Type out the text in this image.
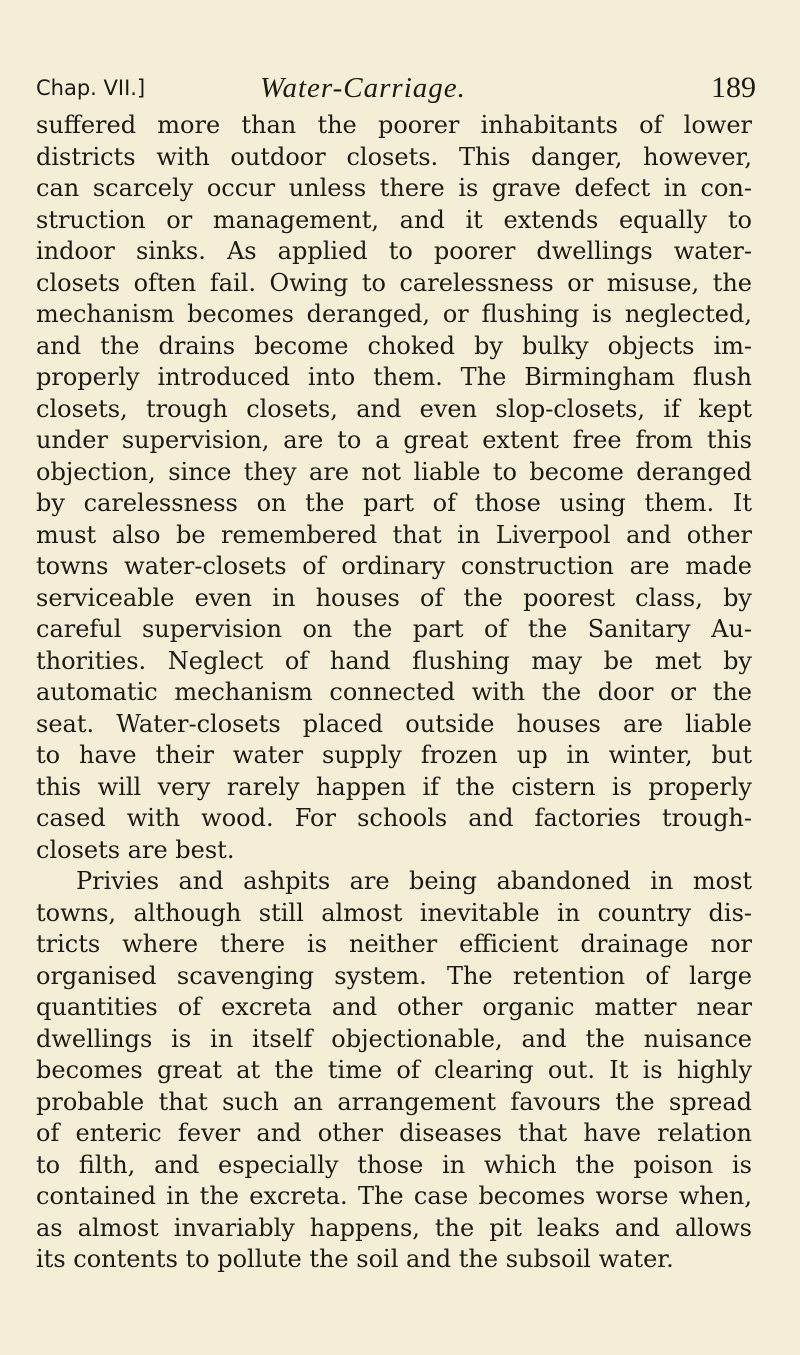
Chap. VII.]	Water-Carriage.	189
suffered more than the poorer inhabitants of lower
districts with outdoor closets. This danger, however,
can scarcely occur unless there is grave defect in con-
struction or management, and it extends equally to
indoor sinks. As applied to poorer dwellings water-
closets often fail. Owing to carelessness or misuse, the
mechanism becomes deranged, or flushing is neglected,
and the drains become choked by bulky objects im-
properly introduced into them. The Birmingham flush
closets, trough closets, and even slop-closets, if kept
under supervision, are to a great extent free from this
objection, since they are not liable to become deranged
by carelessness on the part of those using them. It
must also be remembered that in Liverpool and other
towns water-closets of ordinary construction are made
serviceable even in houses of the poorest class, by
careful supervision on the part of the Sanitary Au-
thorities. Neglect of hand flushing may be met by
automatic mechanism connected with the door or the
seat. Water-closets placed outside houses are liable
to have their water supply frozen up in winter, but
this will very rarely happen if the cistern is properly
cased with wood. For schools and factories trough-
closets are best.
Privies and ashpits are being abandoned in most
towns, although still almost inevitable in country dis-
tricts where there is neither efficient drainage nor
organised scavenging system. The retention of large
quantities of excreta and other organic matter near
dwellings is in itself objectionable, and the nuisance
becomes great at the time of clearing out. It is highly
probable that such an arrangement favours the spread
of enteric fever and other diseases that have relation
to filth, and especially those in which the poison is
contained in the excreta. The case becomes worse when,
as almost invariably happens, the pit leaks and allows
its contents to pollute the soil and the subsoil water.
